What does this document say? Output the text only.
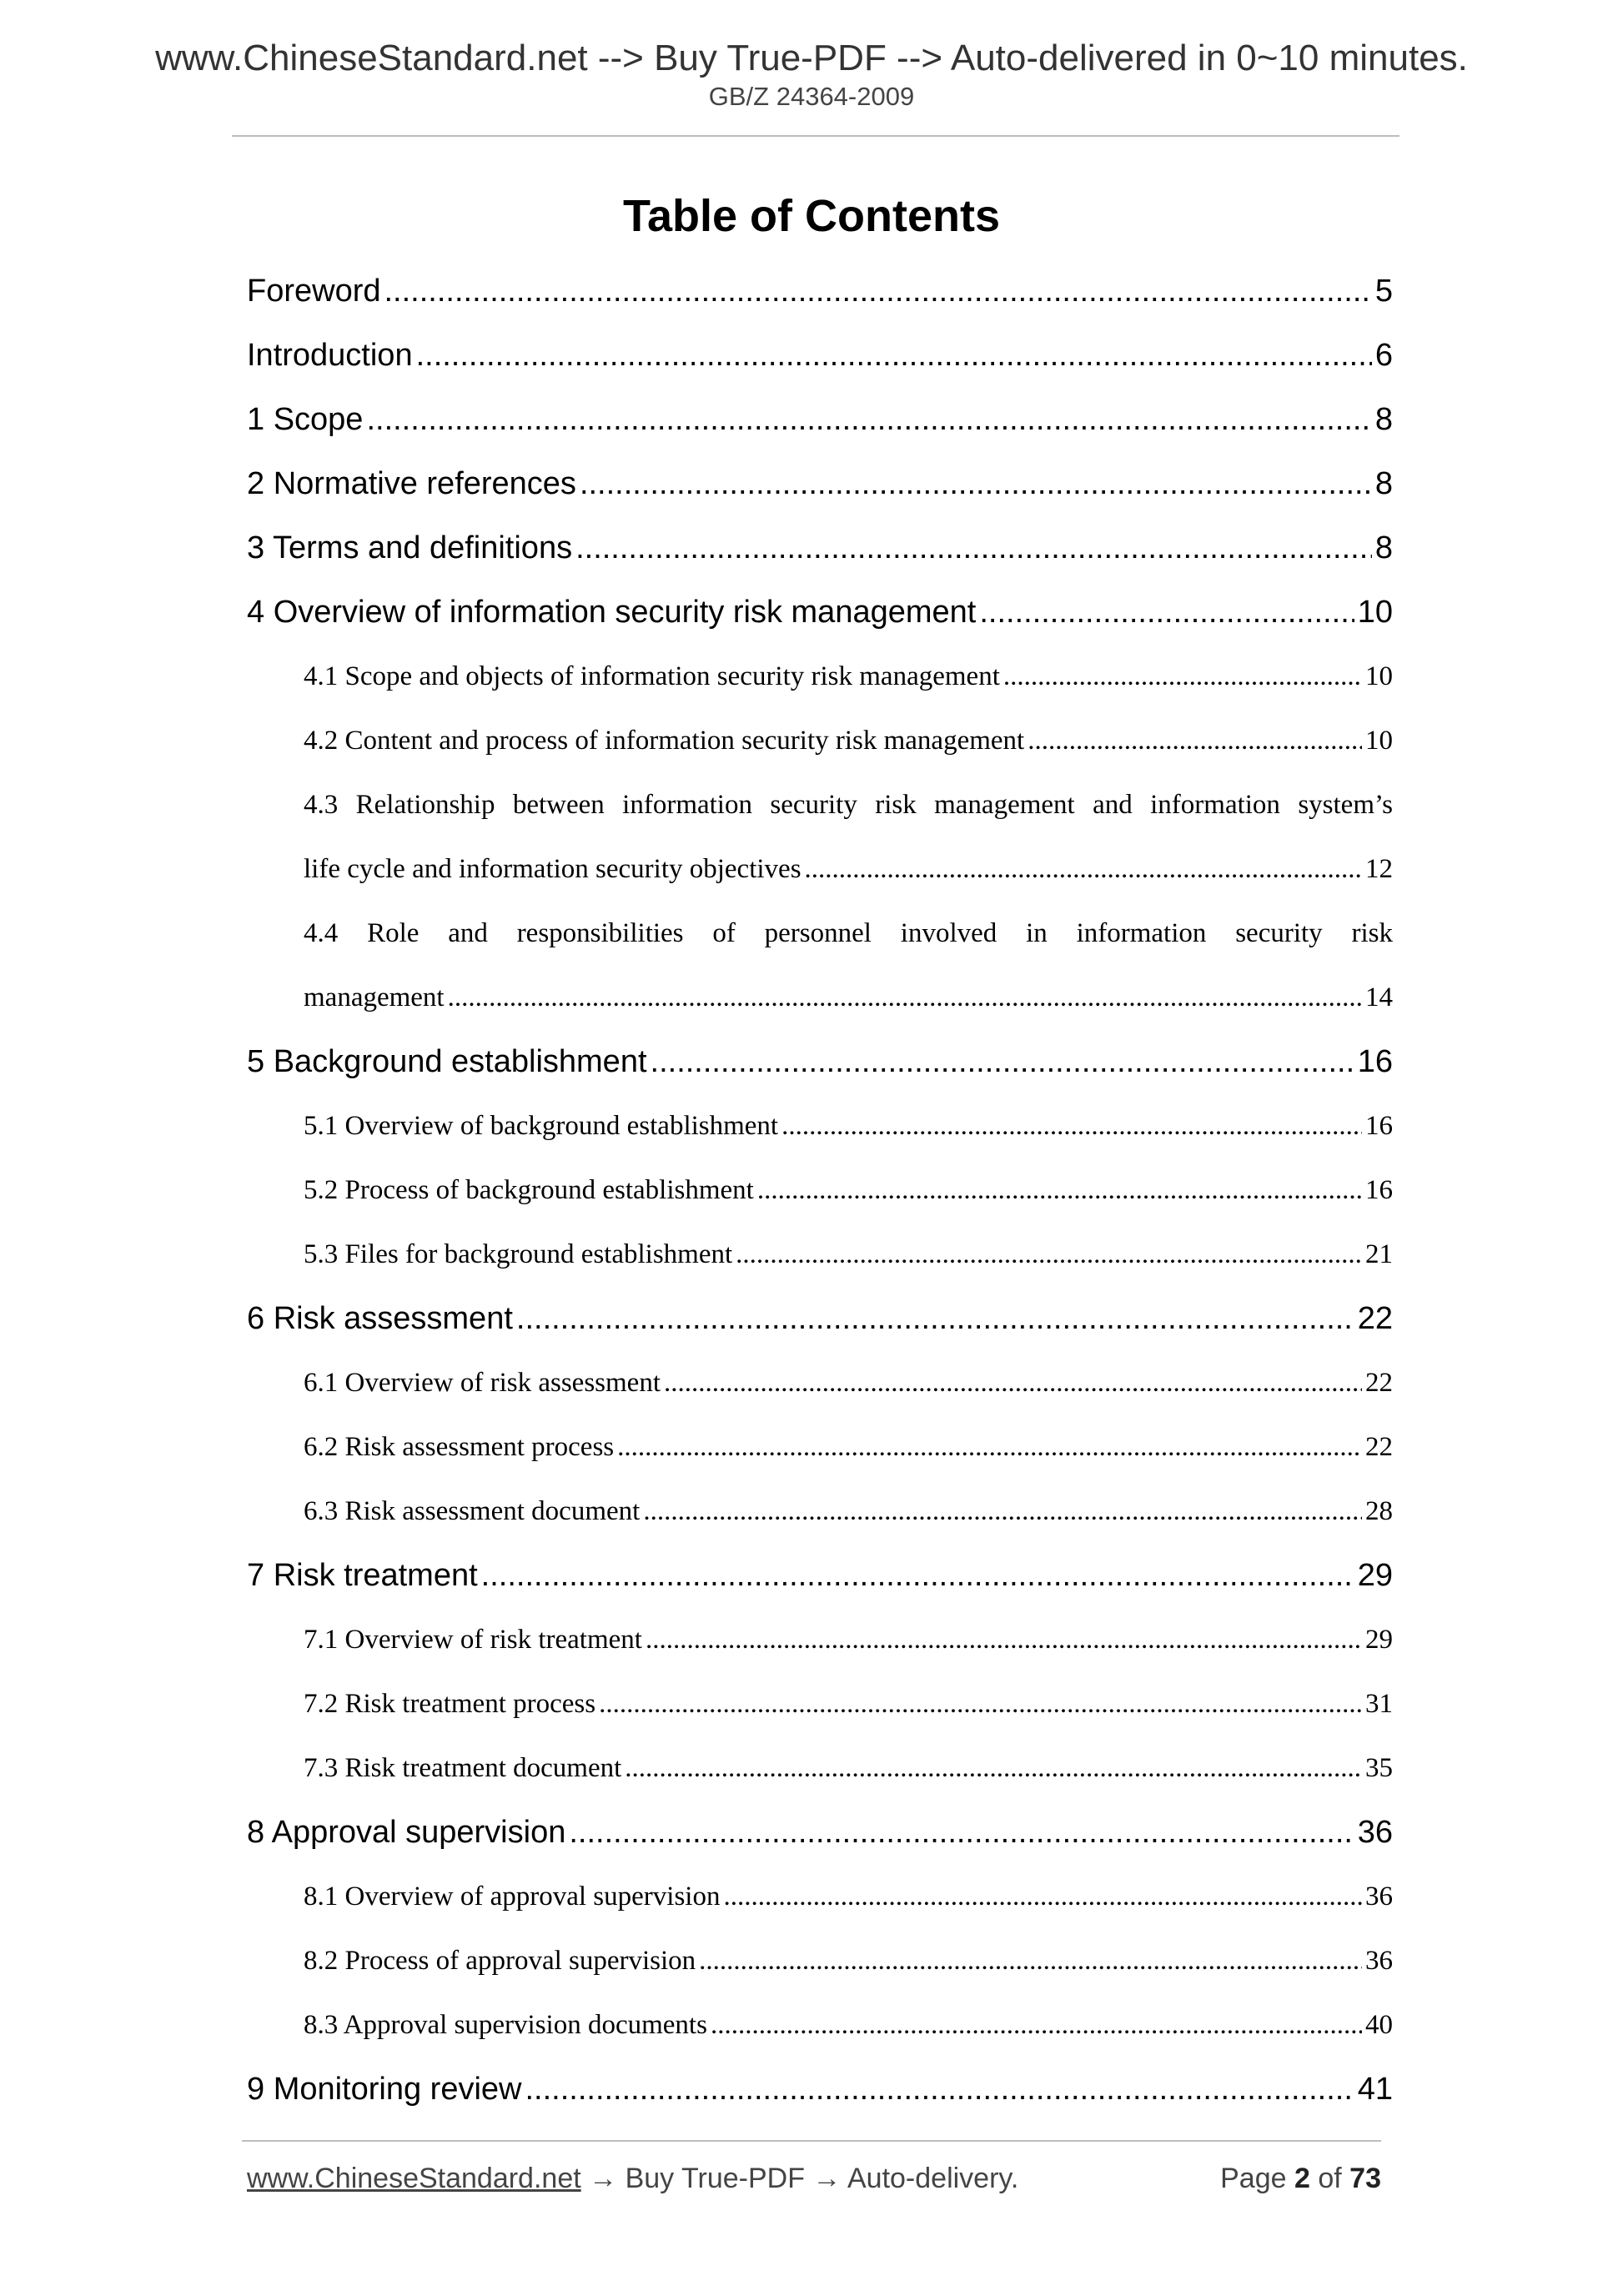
www.ChineseStandard.net --> Buy True-PDF --> Auto-delivered in 0~10 minutes.
GB/Z 24364-2009
Table of Contents
Foreword .....	5
Introduction .....	6
1 Scope .....	8
2 Normative references .....	8
3 Terms and definitions .....	8
4 Overview of information security risk management .....	10
4.1 Scope and objects of information security risk management .....	10
4.2 Content and process of information security risk management .....	10
4.3 Relationship between information security risk management and information system’s
life cycle and information security objectives .....	12
4.4 Role and responsibilities of personnel involved in information security risk
management .....	14
5 Background establishment .....	16
5.1 Overview of background establishment .....	16
5.2 Process of background establishment .....	16
5.3 Files for background establishment .....	21
6 Risk assessment .....	22
6.1 Overview of risk assessment .....	22
6.2 Risk assessment process .....	22
6.3 Risk assessment document .....	28
7 Risk treatment .....	29
7.1 Overview of risk treatment .....	29
7.2 Risk treatment process .....	31
7.3 Risk treatment document .....	35
8 Approval supervision .....	36
8.1 Overview of approval supervision .....	36
8.2 Process of approval supervision .....	36
8.3 Approval supervision documents .....	40
9 Monitoring review .....	41
www.ChineseStandard.net → Buy True-PDF → Auto-delivery.	Page 2 of 73
